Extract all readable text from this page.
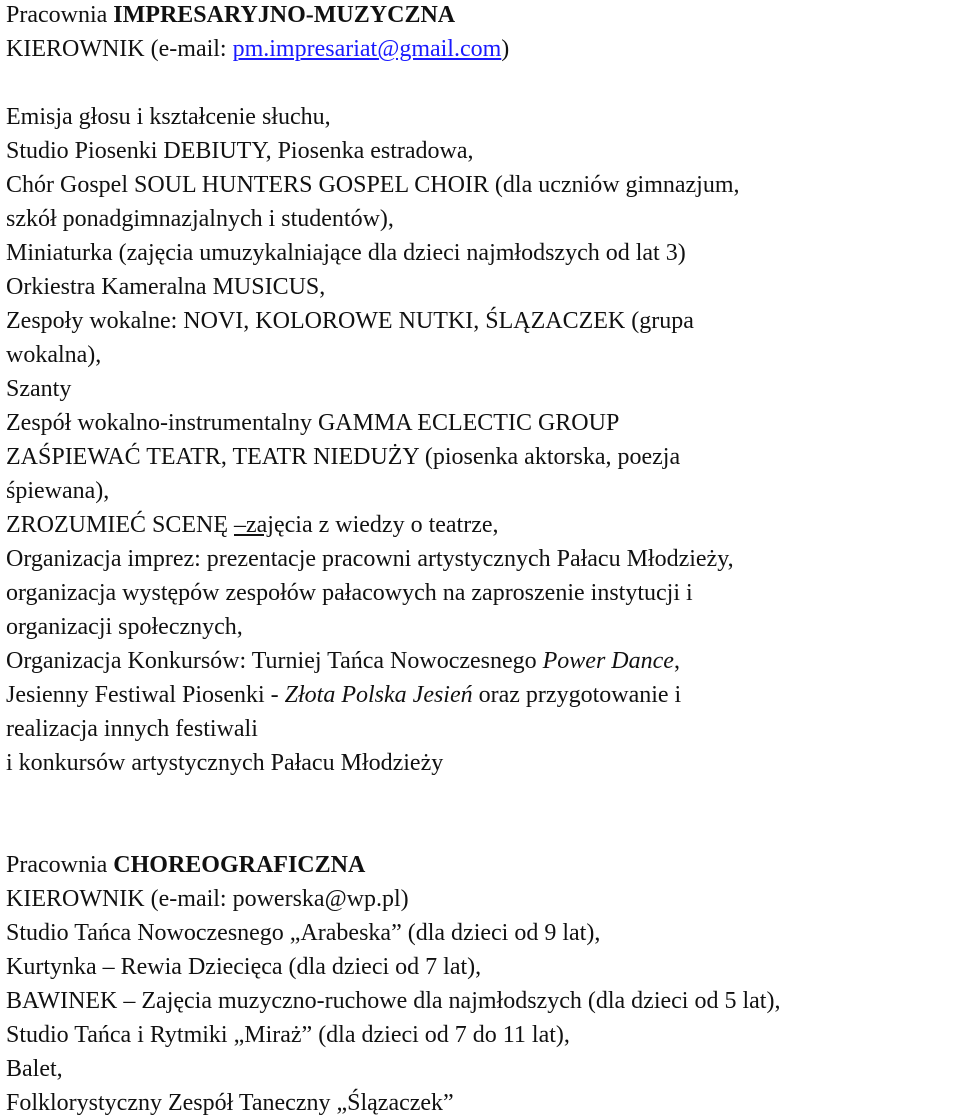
Pracownia IMPRESARYJNO-MUZYCZNA
KIEROWNIK (e-mail: pm.impresariat@gmail.com)
Emisja głosu i kształcenie słuchu,
Studio Piosenki DEBIUTY, Piosenka estradowa,
Chór Gospel SOUL HUNTERS GOSPEL CHOIR (dla uczniów gimnazjum,
szkół ponadgimnazjalnych i studentów),
Miniaturka (zajęcia umuzykalniające dla dzieci najmłodszych od lat 3)
Orkiestra Kameralna MUSICUS,
Zespoły wokalne: NOVI, KOLOROWE NUTKI, ŚLĄZACZEK (grupa
wokalna),
Szanty
Zespół wokalno-instrumentalny GAMMA ECLECTIC GROUP
ZAŚPIEWAĆ TEATR, TEATR NIEDUŻY (piosenka aktorska, poezja
śpiewana),
ZROZUMIEĆ SCENĘ –zajęcia z wiedzy o teatrze,
Organizacja imprez: prezentacje pracowni artystycznych Pałacu Młodzieży,
organizacja występów zespołów pałacowych na zaproszenie instytucji i
organizacji społecznych,
Organizacja Konkursów: Turniej Tańca Nowoczesnego Power Dance,
Jesienny Festiwal Piosenki - Złota Polska Jesień oraz przygotowanie i
realizacja innych festiwali
i konkursów artystycznych Pałacu Młodzieży
Pracownia CHOREOGRAFICZNA
KIEROWNIK (e-mail: powerska@wp.pl)
Studio Tańca Nowoczesnego „Arabeska” (dla dzieci od 9 lat),
Kurtynka – Rewia Dziecięca (dla dzieci od 7 lat),
BAWINEK – Zajęcia muzyczno-ruchowe dla najmłodszych (dla dzieci od 5 lat),
Studio Tańca i Rytmiki „Miraż” (dla dzieci od 7 do 11 lat),
Balet,
Folklorystyczny Zespół Taneczny „Ślązaczek”
